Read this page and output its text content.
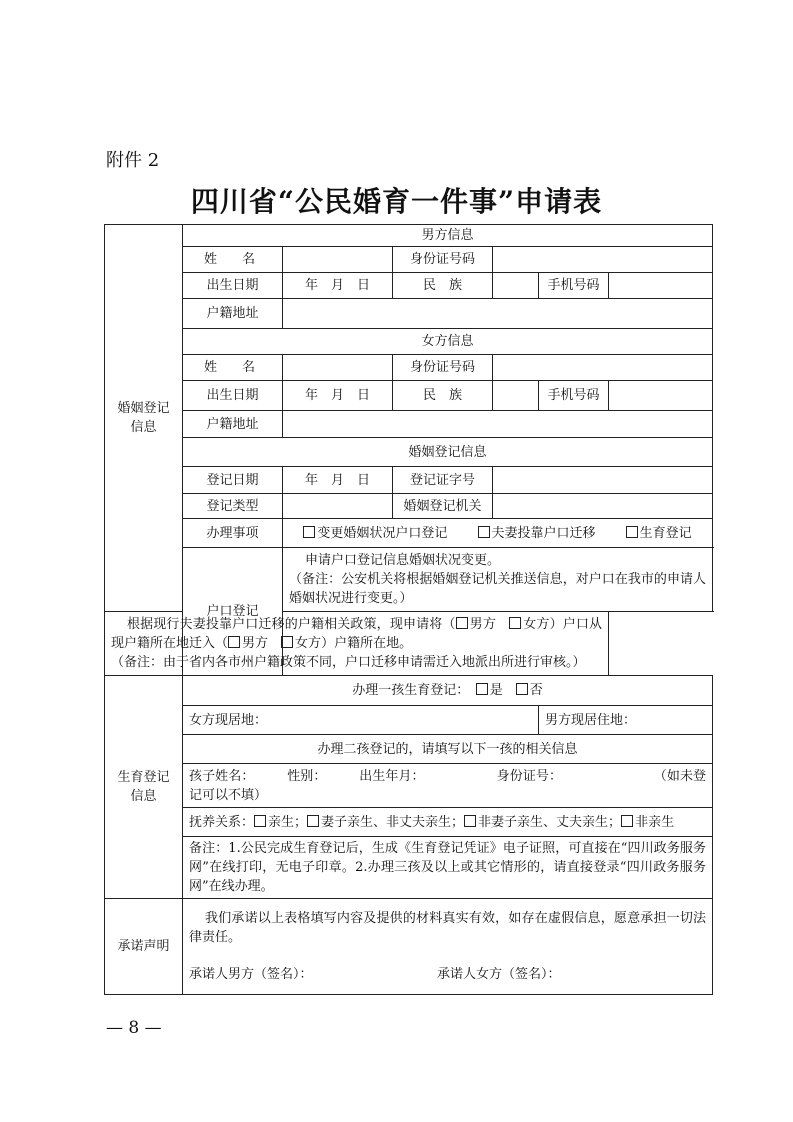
附件 2
四川省“公民婚育一件事”申请表
婚姻登记信息	男方信息					
	姓　名		身份证号码			
	出生日期	年　月　日	民　族		手机号码	
	户籍地址					
	女方信息					
	姓　名		身份证号码			
	出生日期	年　月　日	民　族		手机号码	
	户籍地址					
	婚姻登记信息					
	登记日期	年　月　日	登记证字号			
	登记类型		婚姻登记机关			
	办理事项	变更婚姻状况户口登记 夫妻投靠户口迁移 生育登记				
	户口登记	申请户口登记信息婚姻状况变更。
（备注：公安机关将根据婚姻登记机关推送信息，对户口在我市的申请人婚姻状况进行变更。）				

根据现行夫妻投靠户口迁移的户籍相关政策，现申请将（ 男方　 女方）户口从现户籍所在地迁入（ 男方　 女方）户籍所在地。
（备注：由于省内各市州户籍政策不同，户口迁移申请需迁入地派出所进行审核。）						

生育登记信息	办理一孩生育登记：　 是　 否					
	女方现居地：				男方现居住地：	
	办理二孩登记的，请填写以下一孩的相关信息					
	孩子姓名：　　　性别：　　　出生年月：　　　　　　身份证号：　　　　　　　　（如未登记可以不填）					
	抚养关系： 亲生； 妻子亲生、非丈夫亲生； 非妻子亲生、丈夫亲生； 非亲生					
	备注：1.公民完成生育登记后，生成《生育登记凭证》电子证照，可直接在“四川政务服务网”在线打印，无电子印章。2.办理三孩及以上或其它情形的，请直接登录“四川政务服务网”在线办理。					
承诺声明	我们承诺以上表格填写内容及提供的材料真实有效，如存在虚假信息，愿意承担一切法律责任。
承诺人男方（签名）： 承诺人女方（签名）：					
— 8 —
